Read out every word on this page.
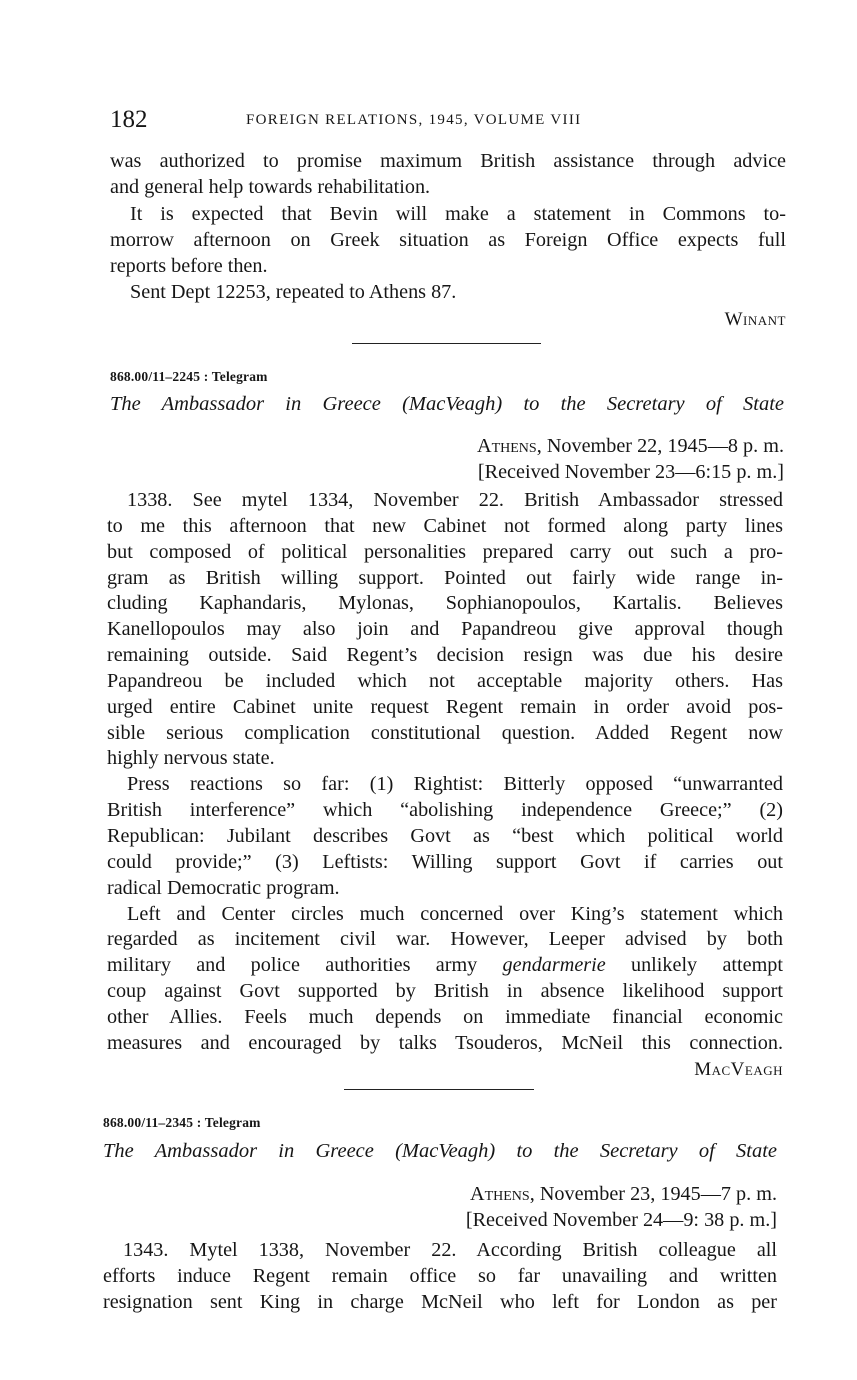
182	FOREIGN RELATIONS, 1945, VOLUME VIII
was authorized to promise maximum British assistance through advice
and general help towards rehabilitation.
It is expected that Bevin will make a statement in Commons to-
morrow afternoon on Greek situation as Foreign Office expects full
reports before then.
Sent Dept 12253, repeated to Athens 87.
Winant
868.00/11–2245 : Telegram
The Ambassador in Greece (MacVeagh) to the Secretary of State
Athens, November 22, 1945—8 p. m.
[Received November 23—6:15 p. m.]
1338. See mytel 1334, November 22. British Ambassador stressed
to me this afternoon that new Cabinet not formed along party lines
but composed of political personalities prepared carry out such a pro-
gram as British willing support. Pointed out fairly wide range in-
cluding Kaphandaris, Mylonas, Sophianopoulos, Kartalis. Believes
Kanellopoulos may also join and Papandreou give approval though
remaining outside. Said Regent’s decision resign was due his desire
Papandreou be included which not acceptable majority others. Has
urged entire Cabinet unite request Regent remain in order avoid pos-
sible serious complication constitutional question. Added Regent now
highly nervous state.
Press reactions so far: (1) Rightist: Bitterly opposed “unwarranted
British interference” which “abolishing independence Greece;” (2)
Republican: Jubilant describes Govt as “best which political world
could provide;” (3) Leftists: Willing support Govt if carries out
radical Democratic program.
Left and Center circles much concerned over King’s statement which
regarded as incitement civil war. However, Leeper advised by both
military and police authorities army gendarmerie unlikely attempt
coup against Govt supported by British in absence likelihood support
other Allies. Feels much depends on immediate financial economic
measures and encouraged by talks Tsouderos, McNeil this connection.
MacVeagh
868.00/11–2345 : Telegram
The Ambassador in Greece (MacVeagh) to the Secretary of State
Athens, November 23, 1945—7 p. m.
[Received November 24—9: 38 p. m.]
1343. Mytel 1338, November 22. According British colleague all
efforts induce Regent remain office so far unavailing and written
resignation sent King in charge McNeil who left for London as per
